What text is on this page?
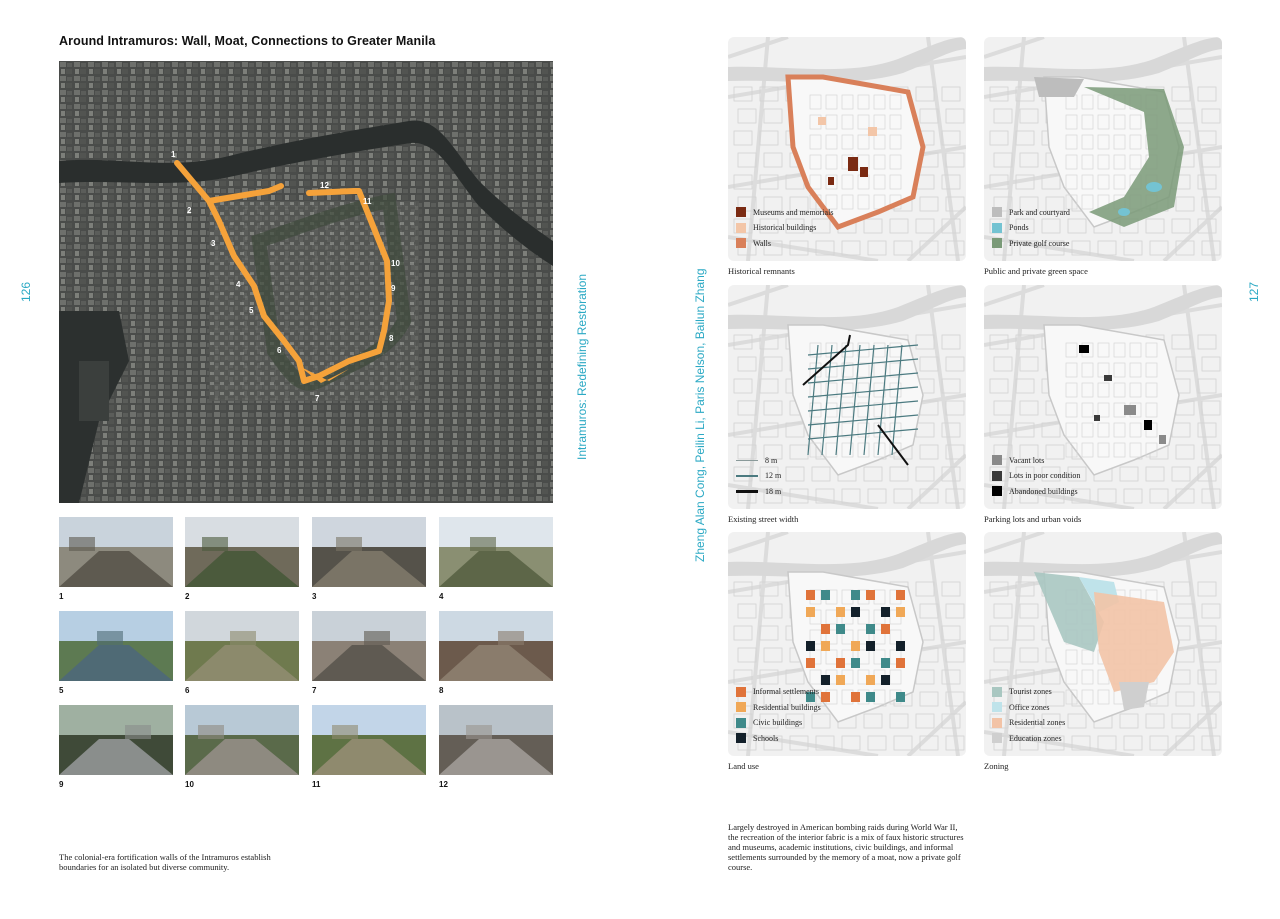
Around Intramuros: Wall, Moat, Connections to Greater Manila
126	Intramuros: Redefining Restoration
1
2
3
4
5
6
7
8
9
10
11
12
1	2	3	4
5	6	7	8
9	10	11	12
The colonial-era fortification walls of the Intramuros establish boundaries for an isolated but diverse community.
Zheng Alan Cong, Peilin Li, Paris Nelson, Bailun Zhang	127
Museums and memorials
Historical buildings
Walls
Historical remnants
Park and courtyard
Ponds
Private golf course
Public and private green space
8 m
12 m
18 m
Existing street width
Vacant lots
Lots in poor condition
Abandoned buildings
Parking lots and urban voids
Informal settlements
Residential buildings
Civic buildings
Schools
Land use
Tourist zones
Office zones
Residential zones
Education zones
Zoning
Largely destroyed in American bombing raids during World War II, the recreation of the interior fabric is a mix of faux historic structures and museums, academic institutions, civic buildings, and informal settlements surrounded by the memory of a moat, now a private golf course.
